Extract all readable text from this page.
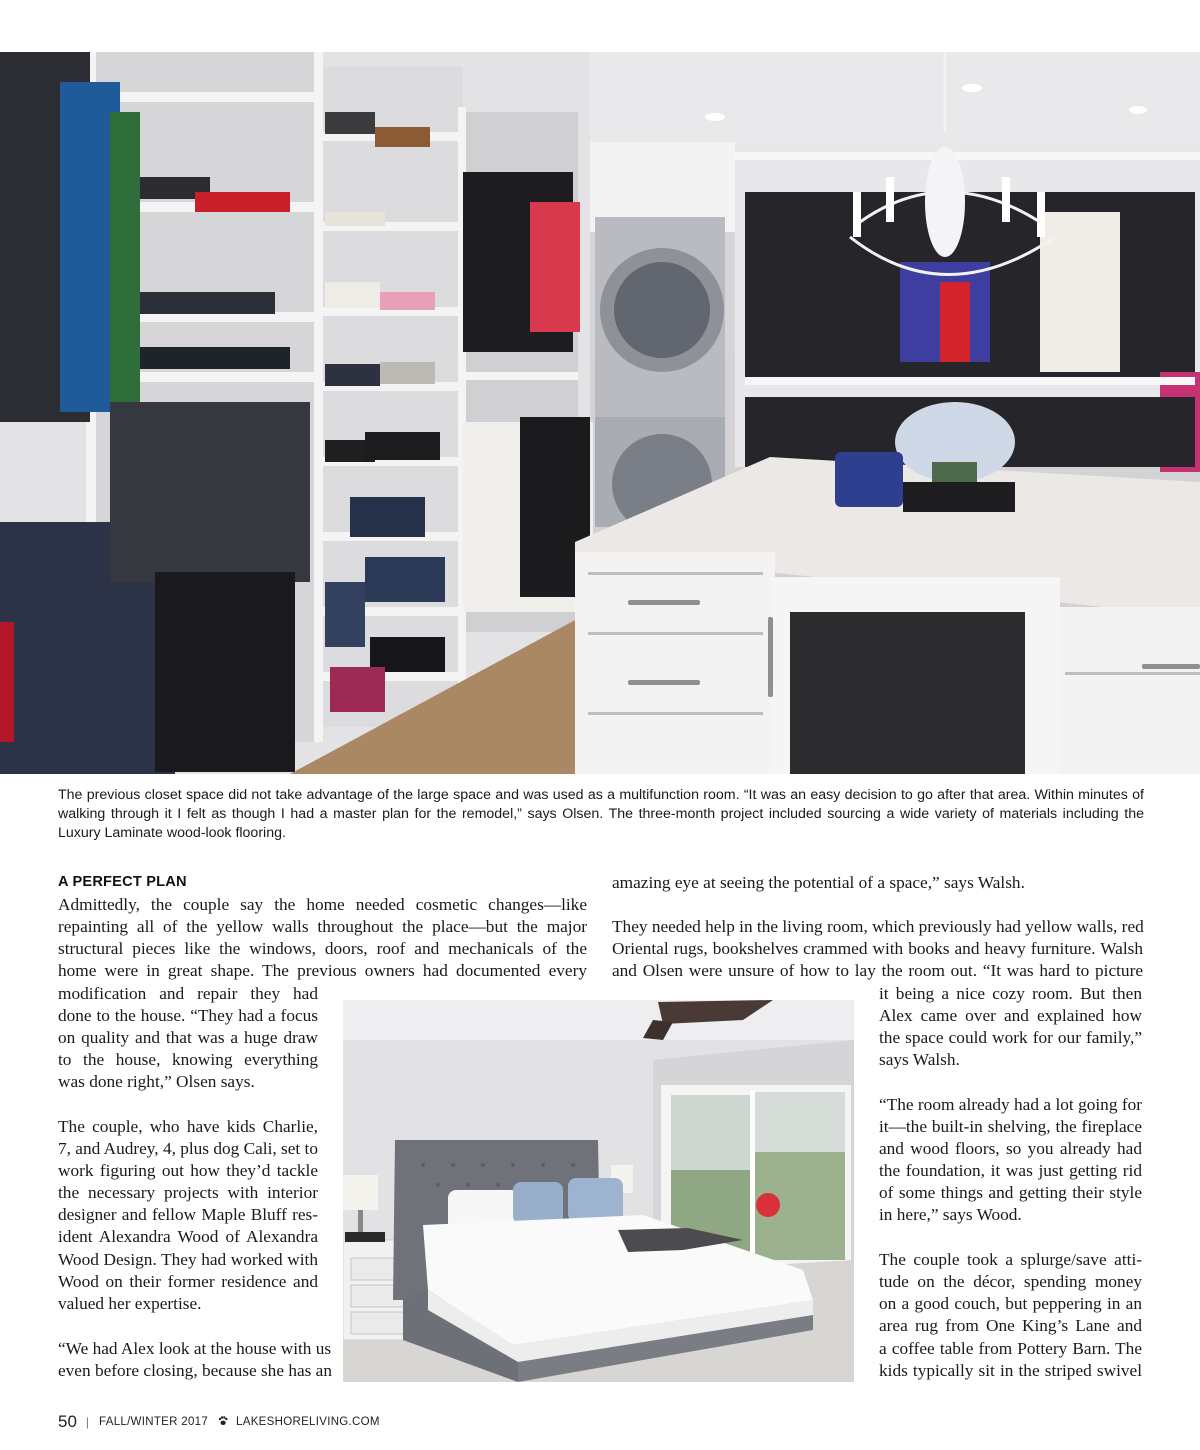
The previous closet space did not take advantage of the large space and was used as a multifunction room. “It was an easy decision to go after that area. Within minutes of walking through it I felt as though I had a master plan for the remodel,” says Olsen. The three-month project included sourcing a wide variety of materials including the Luxury Laminate wood-look flooring.
A PERFECT PLAN
Admittedly, the couple say the home needed cosmetic changes—like
repainting all of the yellow walls throughout the place—but the major
structural pieces like the windows, doors, roof and mechanicals of the
home were in great shape. The previous owners had documented every
modification and repair they had
done to the house. “They had a focus
on quality and that was a huge draw
to the house, knowing everything
was done right,” Olsen says.
The couple, who have kids Charlie,
7, and Audrey, 4, plus dog Cali, set to
work figuring out how they’d tackle
the necessary projects with interior
designer and fellow Maple Bluff res-
ident Alexandra Wood of Alexandra
Wood Design. They had worked with
Wood on their former residence and
valued her expertise.
“We had Alex look at the house with us
even before closing, because she has an
amazing eye at seeing the potential of a space,” says Walsh.
They needed help in the living room, which previously had yellow walls, red
Oriental rugs, bookshelves crammed with books and heavy furniture. Walsh
and Olsen were unsure of how to lay the room out. “It was hard to picture
it being a nice cozy room. But then
Alex came over and explained how
the space could work for our family,”
says Walsh.
“The room already had a lot going for
it—the built-in shelving, the fireplace
and wood floors, so you already had
the foundation, it was just getting rid
of some things and getting their style
in here,” says Wood.
The couple took a splurge/save atti-
tude on the décor, spending money
on a good couch, but peppering in an
area rug from One King’s Lane and
a coffee table from Pottery Barn. The
kids typically sit in the striped swivel
50 | FALL/WINTER 2017 LAKESHORELIVING.COM
